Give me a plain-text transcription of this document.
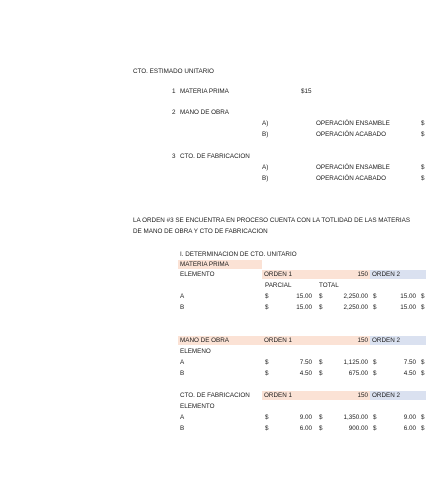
CTO. ESTIMADO UNITARIO
1 MATERIA PRIMA	$15
2 MANO DE OBRA
A)	OPERACIÓN ENSAMBLE	$
B)	OPERACIÓN ACABADO	$
3 CTO. DE FABRICACION
A)	OPERACIÓN ENSAMBLE	$
B)	OPERACIÓN ACABADO	$
LA ORDEN #3 SE ENCUENTRA EN PROCESO CUENTA CON LA TOTLIDAD DE LAS MATERIAS
DE MANO DE OBRA Y CTO DE FABRICACION
I. DETERMINACION DE CTO. UNITARIO
MATERIA PRIMA
ELEMENTO	ORDEN 1	150 ORDEN 2
PARCIAL	TOTAL
A	$	15.00 $	2,250.00 $	15.00 $
B	$	15.00 $	2,250.00 $	15.00 $
MANO DE OBRA	ORDEN 1	150 ORDEN 2
ELEMENO
A	$	7.50 $	1,125.00 $	7.50 $
B	$	4.50 $	675.00 $	4.50 $
CTO. DE FABRICACION ORDEN 1	150 ORDEN 2
ELEMENTO
A	$	9.00 $	1,350.00 $	9.00 $
B	$	6.00 $	900.00 $	6.00 $
